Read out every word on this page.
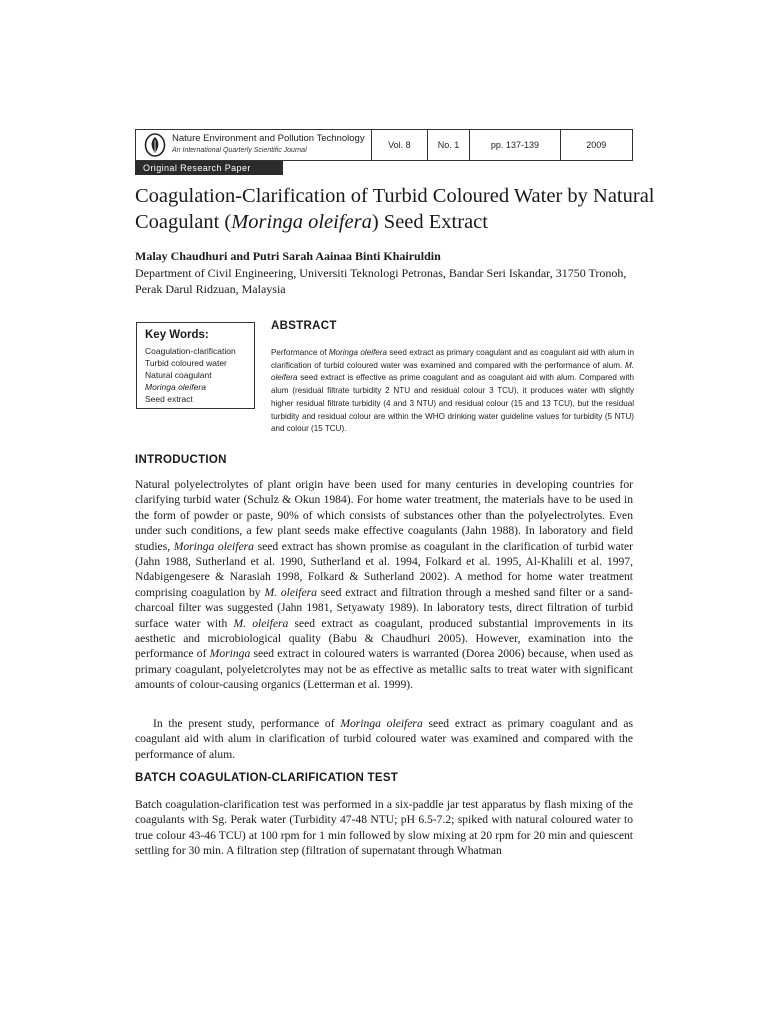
Nature Environment and Pollution Technology
An International Quarterly Scientific Journal
Vol. 8	No. 1	pp. 137-139	2009
Original Research Paper
Coagulation-Clarification of Turbid Coloured Water by Natural Coagulant (Moringa oleifera) Seed Extract
Malay Chaudhuri and Putri Sarah Aainaa Binti Khairuldin
Department of Civil Engineering, Universiti Teknologi Petronas, Bandar Seri Iskandar, 31750 Tronoh, Perak Darul Ridzuan, Malaysia
Key Words:
Coagulation-clarification
Turbid coloured water
Natural coagulant
Moringa oleifera
Seed extract
ABSTRACT
Performance of Moringa oleifera seed extract as primary coagulant and as coagulant aid with alum in clarification of turbid coloured water was examined and compared with the performance of alum. M. oleifera seed extract is effective as prime coagulant and as coagulant aid with alum. Compared with alum (residual filtrate turbidity 2 NTU and residual colour 3 TCU), it produces water with slightly higher residual filtrate turbidity (4 and 3 NTU) and residual colour (15 and 13 TCU), but the residual turbidity and residual colour are within the WHO drinking water guideline values for turbidity (5 NTU) and colour (15 TCU).
INTRODUCTION
Natural polyelectrolytes of plant origin have been used for many centuries in developing countries for clarifying turbid water (Schulz & Okun 1984). For home water treatment, the materials have to be used in the form of powder or paste, 90% of which consists of substances other than the polyelectrolytes. Even under such conditions, a few plant seeds make effective coagulants (Jahn 1988). In laboratory and field studies, Moringa oleifera seed extract has shown promise as coagulant in the clarification of turbid water (Jahn 1988, Sutherland et al. 1990, Sutherland et al. 1994, Folkard et al. 1995, Al-Khalili et al. 1997, Ndabigengesere & Narasiah 1998, Folkard & Sutherland 2002). A method for home water treatment comprising coagulation by M. oleifera seed extract and filtration through a meshed sand filter or a sand-charcoal filter was suggested (Jahn 1981, Setyawaty 1989). In laboratory tests, direct filtration of turbid surface water with M. oleifera seed extract as coagulant, produced substantial improvements in its aesthetic and microbiological quality (Babu & Chaudhuri 2005). However, examination into the performance of Moringa seed extract in coloured waters is warranted (Dorea 2006) because, when used as primary coagulant, polyeletcrolytes may not be as effective as metallic salts to treat water with significant amounts of colour-causing organics (Letterman et al. 1999).
In the present study, performance of Moringa oleifera seed extract as primary coagulant and as coagulant aid with alum in clarification of turbid coloured water was examined and compared with the performance of alum.
BATCH COAGULATION-CLARIFICATION TEST
Batch coagulation-clarification test was performed in a six-paddle jar test apparatus by flash mixing of the coagulants with Sg. Perak water (Turbidity 47-48 NTU; pH 6.5-7.2; spiked with natural coloured water to true colour 43-46 TCU) at 100 rpm for 1 min followed by slow mixing at 20 rpm for 20 min and quiescent settling for 30 min. A filtration step (filtration of supernatant through Whatman
